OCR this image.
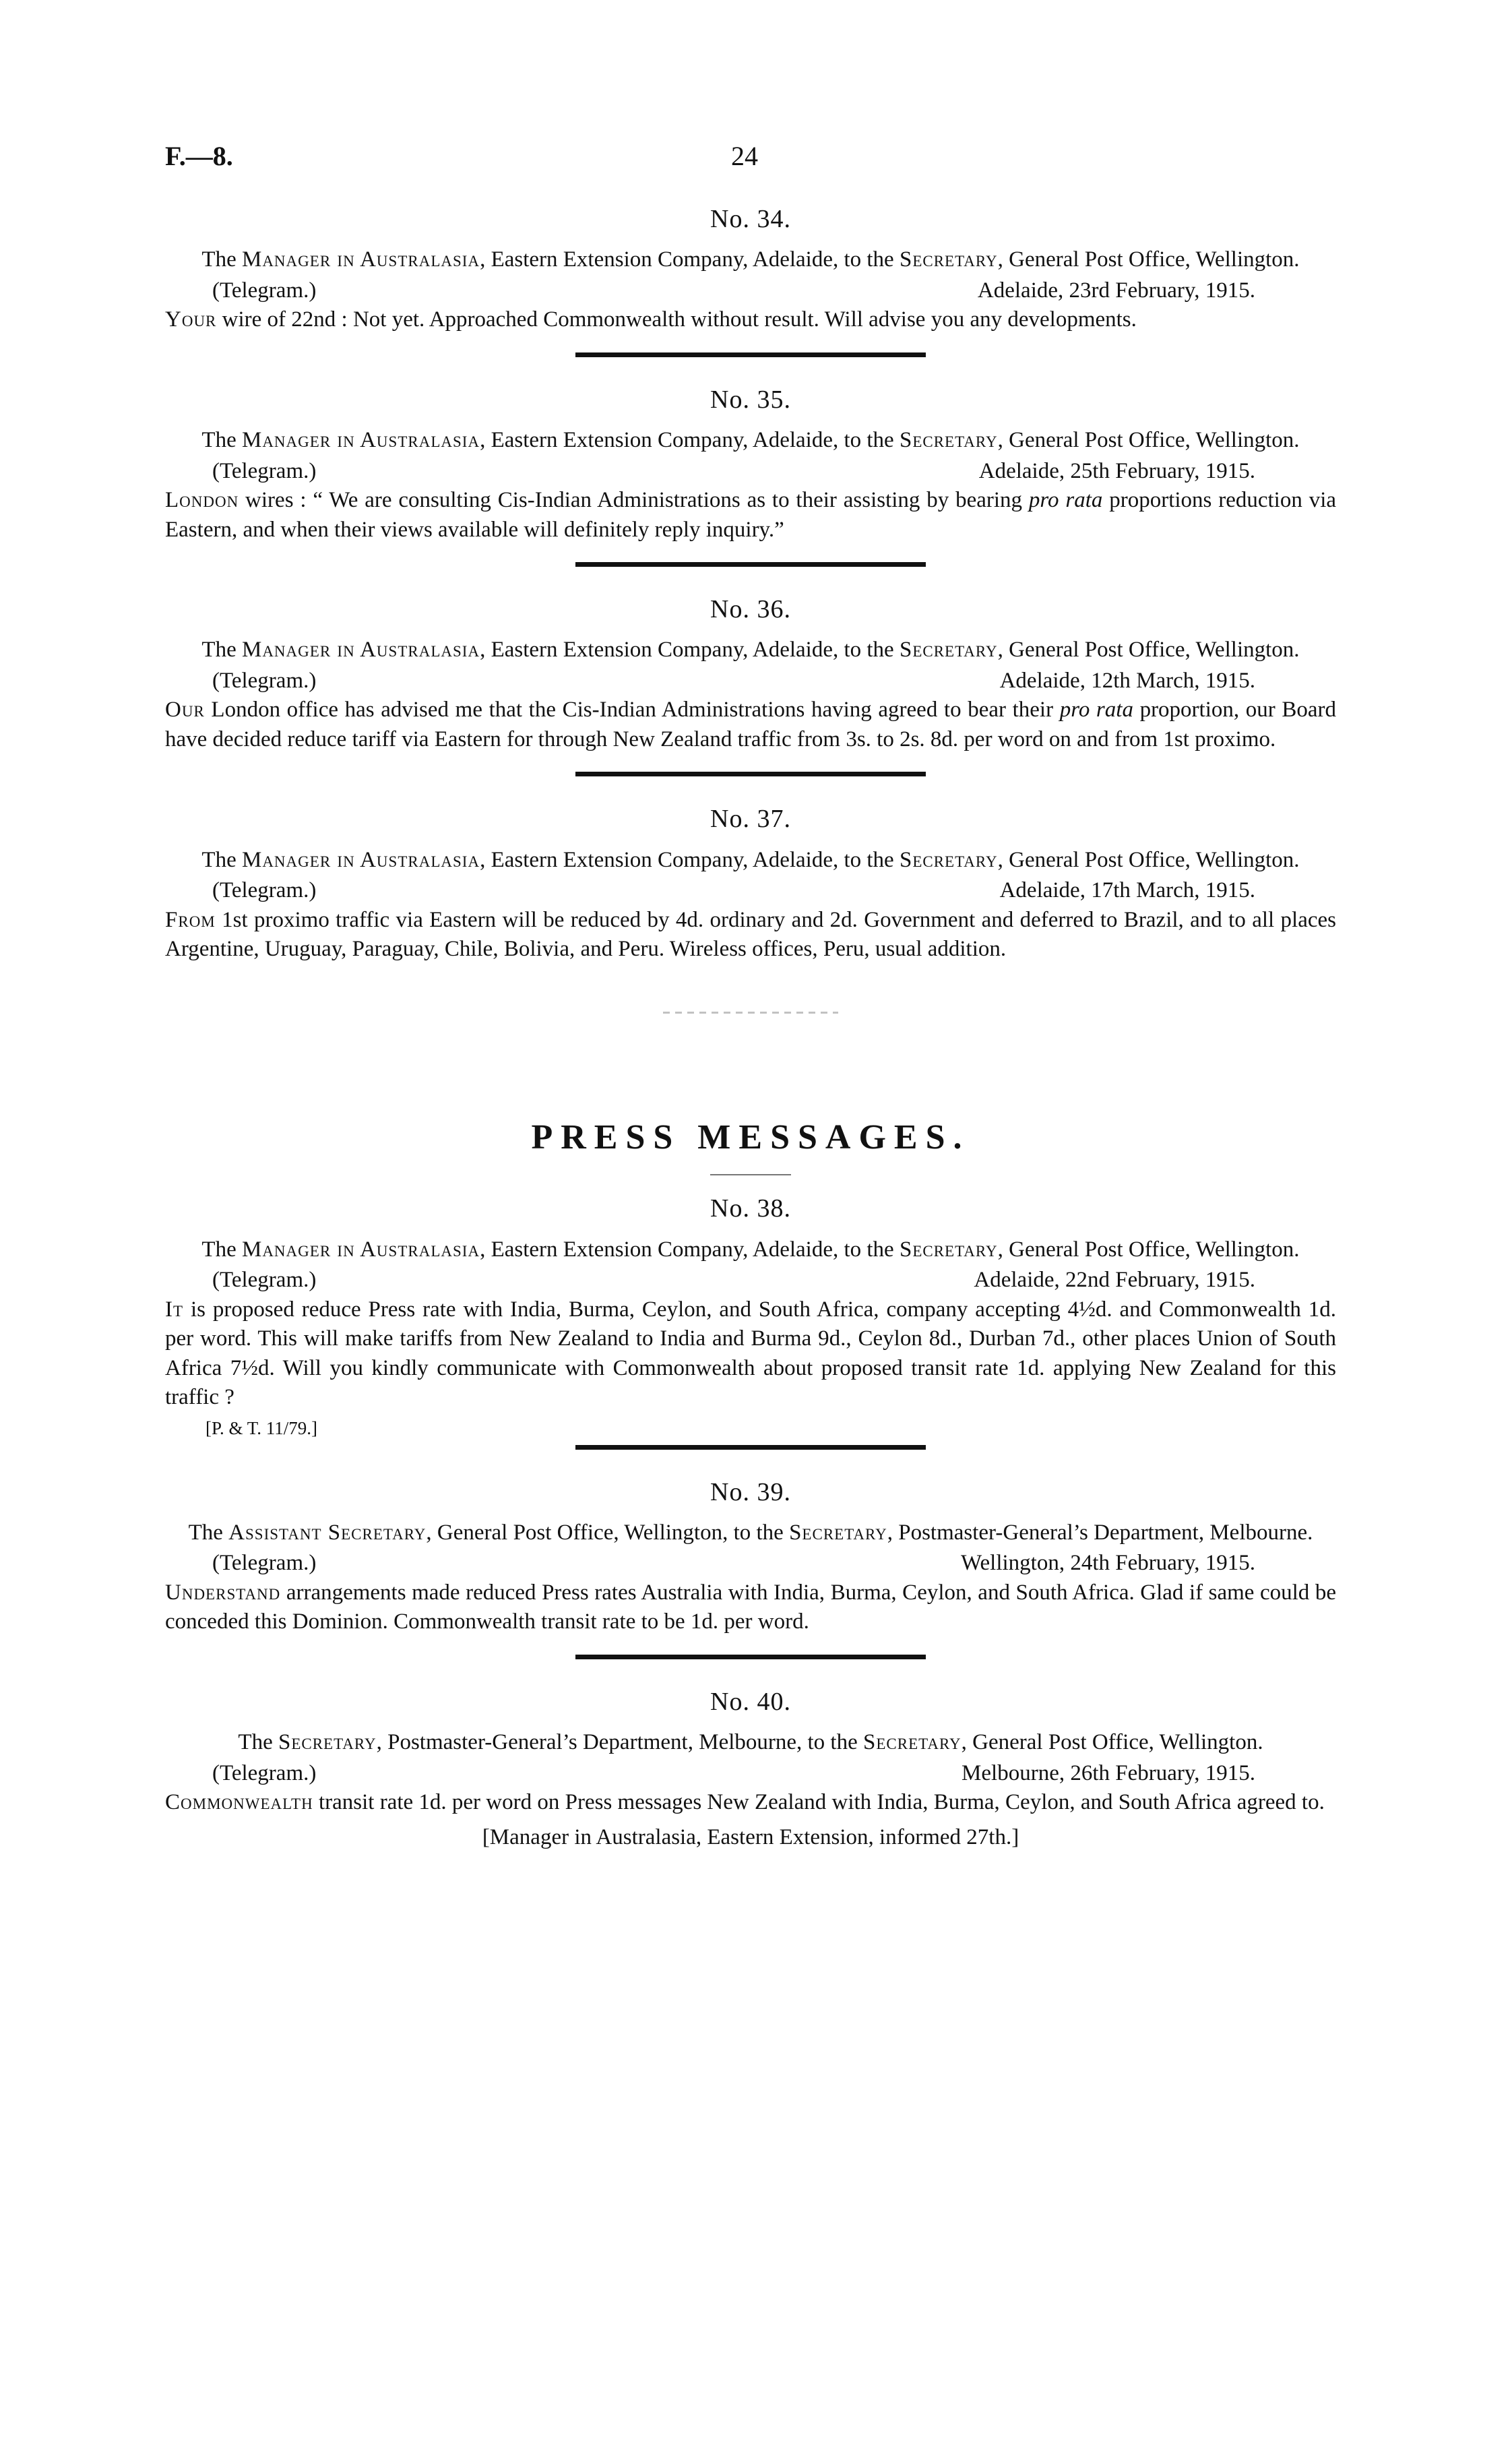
F.—8.	24

No. 34.

The Manager in Australasia, Eastern Extension Company, Adelaide, to the Secretary, General Post Office, Wellington.

(Telegram.)	Adelaide, 23rd February, 1915.

Your wire of 22nd : Not yet. Approached Commonwealth without result. Will advise you any developments.

No. 35.

The Manager in Australasia, Eastern Extension Company, Adelaide, to the Secretary, General Post Office, Wellington.

(Telegram.)	Adelaide, 25th February, 1915.

London wires : “ We are consulting Cis-Indian Administrations as to their assisting by bearing pro rata proportions reduction via Eastern, and when their views available will definitely reply inquiry.”

No. 36.

The Manager in Australasia, Eastern Extension Company, Adelaide, to the Secretary, General Post Office, Wellington.

(Telegram.)	Adelaide, 12th March, 1915.

Our London office has advised me that the Cis-Indian Administrations having agreed to bear their pro rata proportion, our Board have decided reduce tariff via Eastern for through New Zealand traffic from 3s. to 2s. 8d. per word on and from 1st proximo.

No. 37.

The Manager in Australasia, Eastern Extension Company, Adelaide, to the Secretary, General Post Office, Wellington.

(Telegram.)	Adelaide, 17th March, 1915.

From 1st proximo traffic via Eastern will be reduced by 4d. ordinary and 2d. Government and deferred to Brazil, and to all places Argentine, Uruguay, Paraguay, Chile, Bolivia, and Peru. Wireless offices, Peru, usual addition.

PRESS MESSAGES.

No. 38.

The Manager in Australasia, Eastern Extension Company, Adelaide, to the Secretary, General Post Office, Wellington.

(Telegram.)	Adelaide, 22nd February, 1915.

It is proposed reduce Press rate with India, Burma, Ceylon, and South Africa, company accepting 4½d. and Commonwealth 1d. per word. This will make tariffs from New Zealand to India and Burma 9d., Ceylon 8d., Durban 7d., other places Union of South Africa 7½d. Will you kindly communicate with Commonwealth about proposed transit rate 1d. applying New Zealand for this traffic ?

[P. & T. 11/79.]

No. 39.

The Assistant Secretary, General Post Office, Wellington, to the Secretary, Postmaster-General’s Department, Melbourne.

(Telegram.)	Wellington, 24th February, 1915.

Understand arrangements made reduced Press rates Australia with India, Burma, Ceylon, and South Africa. Glad if same could be conceded this Dominion. Commonwealth transit rate to be 1d. per word.

No. 40.

The Secretary, Postmaster-General’s Department, Melbourne, to the Secretary, General Post Office, Wellington.

(Telegram.)	Melbourne, 26th February, 1915.

Commonwealth transit rate 1d. per word on Press messages New Zealand with India, Burma, Ceylon, and South Africa agreed to.

[Manager in Australasia, Eastern Extension, informed 27th.]
